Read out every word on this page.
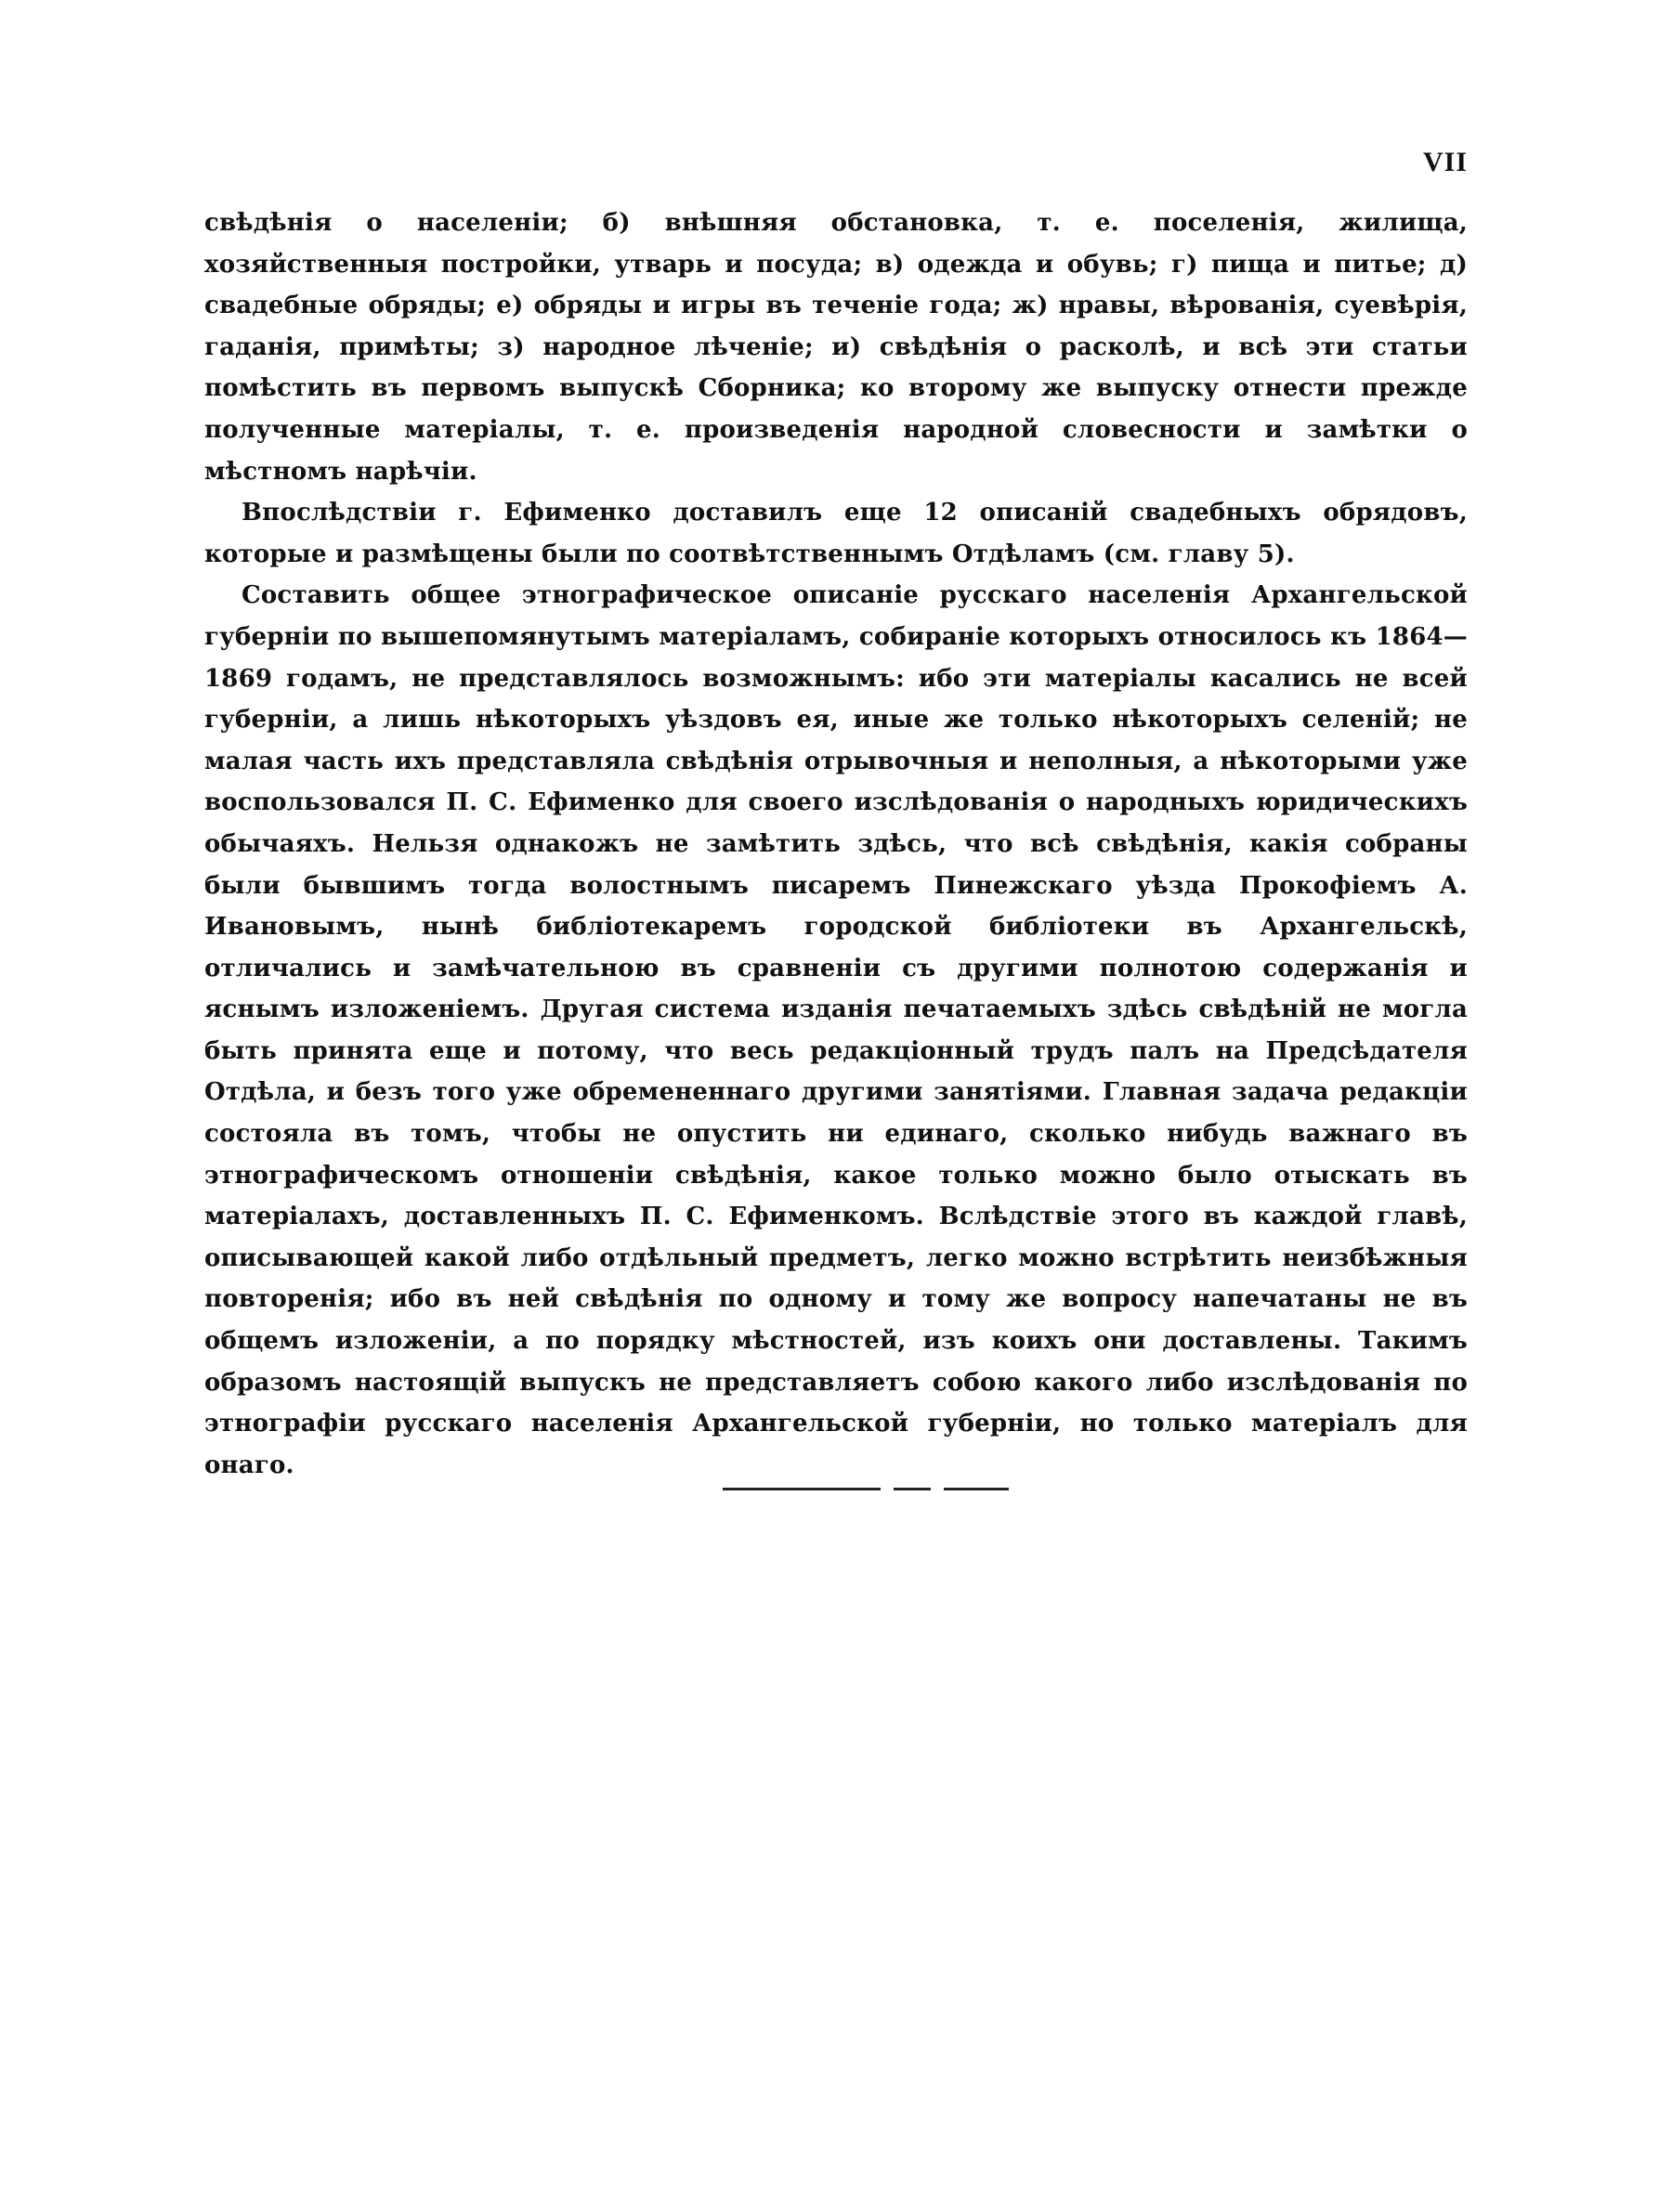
VII

свѣдѣнія о населеніи; б) внѣшняя обстановка, т. е. поселенія, жилища, хозяйственныя постройки, утварь и посуда; в) одежда и обувь; г) пища и питье; д) свадебные обряды; е) обряды и игры въ теченіе года; ж) нравы, вѣрованія, суевѣрія, гаданія, примѣты; з) народное лѣченіе; и) свѣдѣнія о расколѣ, и всѣ эти статьи помѣстить въ первомъ выпускѣ Сборника; ко второму же выпуску отнести прежде полученные матеріалы, т. е. произведенія народной словесности и замѣтки о мѣстномъ нарѣчіи.

Впослѣдствіи г. Ефименко доставилъ еще 12 описаній свадебныхъ обрядовъ, которые и размѣщены были по соотвѣтственнымъ Отдѣламъ (см. главу 5).

Составить общее этнографическое описаніе русскаго населенія Архангельской губерніи по вышепомянутымъ матеріаламъ, собираніе которыхъ относилось къ 1864—1869 годамъ, не представлялось возможнымъ: ибо эти матеріалы касались не всей губерніи, а лишь нѣкоторыхъ уѣздовъ ея, иные же только нѣкоторыхъ селеній; не малая часть ихъ представляла свѣдѣнія отрывочныя и неполныя, а нѣкоторыми уже воспользовался П. С. Ефименко для своего изслѣдованія о народныхъ юридическихъ обычаяхъ. Нельзя однакожъ не замѣтить здѣсь, что всѣ свѣдѣнія, какія собраны были бывшимъ тогда волостнымъ писаремъ Пинежскаго уѣзда Прокофіемъ А. Ивановымъ, нынѣ библіотекаремъ городской библіотеки въ Архангельскѣ, отличались и замѣчательною въ сравненіи съ другими полнотою содержанія и яснымъ изложеніемъ. Другая система изданія печатаемыхъ здѣсь свѣдѣній не могла быть принята еще и потому, что весь редакціонный трудъ палъ на Предсѣдателя Отдѣла, и безъ того уже обремененнаго другими занятіями. Главная задача редакціи состояла въ томъ, чтобы не опустить ни единаго, сколько нибудь важнаго въ этнографическомъ отношеніи свѣдѣнія, какое только можно было отыскать въ матеріалахъ, доставленныхъ П. С. Ефименкомъ. Вслѣдствіе этого въ каждой главѣ, описывающей какой либо отдѣльный предметъ, легко можно встрѣтить неизбѣжныя повторенія; ибо въ ней свѣдѣнія по одному и тому же вопросу напечатаны не въ общемъ изложеніи, а по порядку мѣстностей, изъ коихъ они доставлены. Такимъ образомъ настоящій выпускъ не представляетъ собою какого либо изслѣдованія по этнографіи русскаго населенія Архангельской губерніи, но только матеріалъ для онаго.
